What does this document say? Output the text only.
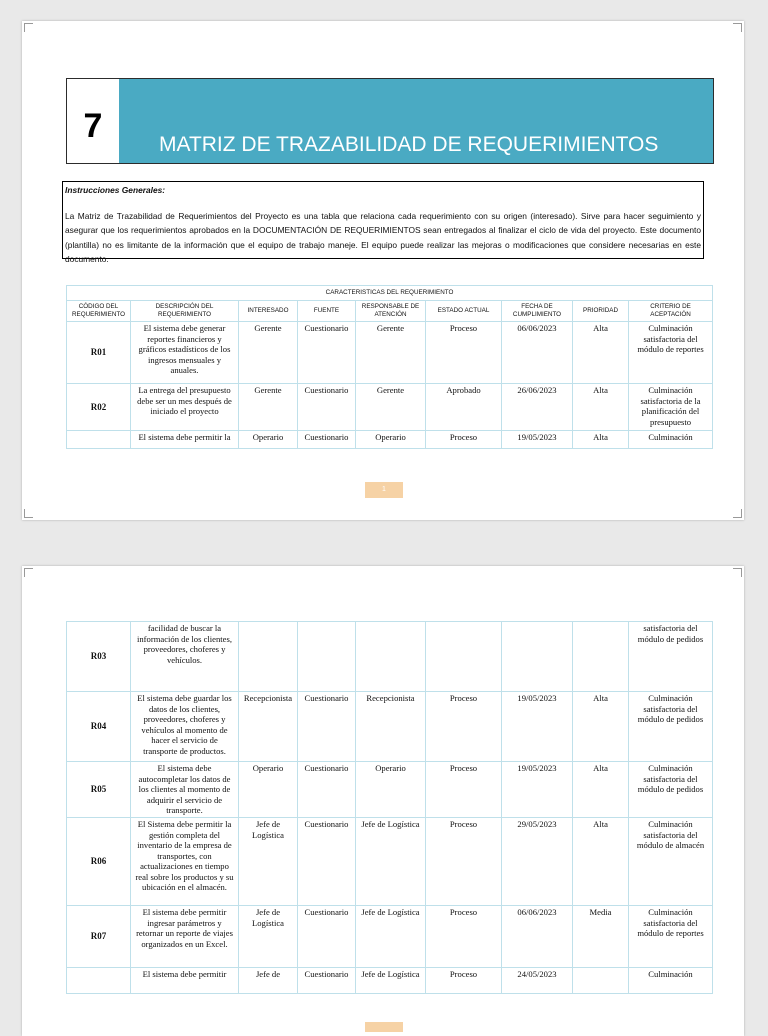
7	MATRIZ DE TRAZABILIDAD DE REQUERIMIENTOS
Instrucciones Generales:
La Matriz de Trazabilidad de Requerimientos del Proyecto es una tabla que relaciona cada requerimiento con su origen (interesado). Sirve para hacer seguimiento y asegurar que los requerimientos aprobados en la DOCUMENTACIÓN DE REQUERIMIENTOS sean entregados al finalizar el ciclo de vida del proyecto. Este documento (plantilla) no es limitante de la información que el equipo de trabajo maneje. El equipo puede realizar las mejoras o modificaciones que considere necesarias en este documento.
CARACTERISTICAS DEL REQUERIMIENTO								
CÓDIGO DEL REQUERIMIENTO	DESCRIPCIÓN DEL REQUERIMIENTO	INTERESADO	FUENTE	RESPONSABLE DE ATENCIÓN	ESTADO ACTUAL	FECHA DE CUMPLIMIENTO	PRIORIDAD	CRITERIO DE ACEPTACIÓN
R01	El sistema debe generar reportes financieros y gráficos estadísticos de los ingresos mensuales y anuales.	Gerente	Cuestionario	Gerente	Proceso	06/06/2023	Alta	Culminación satisfactoria del módulo de reportes
R02	La entrega del presupuesto debe ser un mes después de iniciado el proyecto	Gerente	Cuestionario	Gerente	Aprobado	26/06/2023	Alta	Culminación satisfactoria de la planificación del presupuesto
	El sistema debe permitir la	Operario	Cuestionario	Operario	Proceso	19/05/2023	Alta	Culminación
1
R03	facilidad de buscar la información de los clientes, proveedores, choferes y vehículos.							satisfactoria del módulo de pedidos
R04	El sistema debe guardar los datos de los clientes, proveedores, choferes y vehículos al momento de hacer el servicio de transporte de productos.	Recepcionista	Cuestionario	Recepcionista	Proceso	19/05/2023	Alta	Culminación satisfactoria del módulo de pedidos
R05	El sistema debe autocompletar los datos de los clientes al momento de adquirir el servicio de transporte.	Operario	Cuestionario	Operario	Proceso	19/05/2023	Alta	Culminación satisfactoria del módulo de pedidos
R06	El Sistema debe permitir la gestión completa del inventario de la empresa de transportes, con actualizaciones en tiempo real sobre los productos y su ubicación en el almacén.	Jefe de Logística	Cuestionario	Jefe de Logística	Proceso	29/05/2023	Alta	Culminación satisfactoria del módulo de almacén
R07	El sistema debe permitir ingresar parámetros y retornar un reporte de viajes organizados en un Excel.	Jefe de Logística	Cuestionario	Jefe de Logística	Proceso	06/06/2023	Media	Culminación satisfactoria del módulo de reportes
	El sistema debe permitir	Jefe de	Cuestionario	Jefe de Logística	Proceso	24/05/2023		Culminación
